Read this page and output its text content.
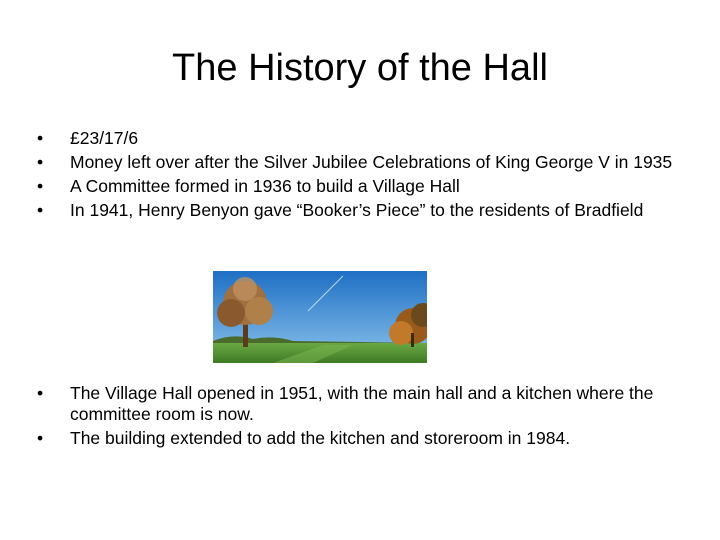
The History of the Hall
•	£23/17/6
•	Money left over after the Silver Jubilee Celebrations of King George V in 1935
•	A Committee formed in 1936 to build a Village Hall
•	In 1941, Henry Benyon gave “Booker’s Piece” to the residents of Bradfield
•	The Village Hall opened in 1951, with the main hall and a kitchen where the committee room is now.
•	The building extended to add the kitchen and storeroom in 1984.
